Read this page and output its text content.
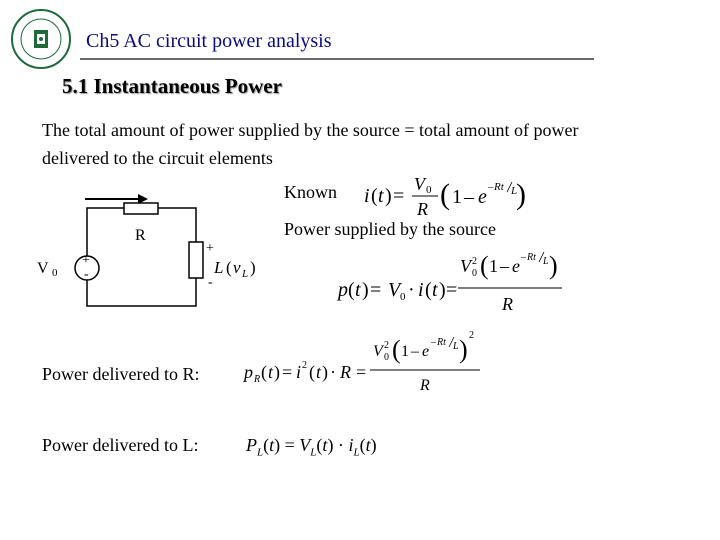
Ch5 AC circuit power analysis
5.1 Instantaneous Power
The total amount of power supplied by the source = total amount of power
delivered to the circuit elements
Known
Power supplied by the source
i ( t ) =
V 0
R ( 1 – e – Rt L
)
+
-
R
V 0
+
-
L ( v L )
p ( t ) = V 0 · i ( t ) =
V 0
2 ( 1 – e – Rt L )
R
Power delivered to R: p R ( t ) = i 2 ( t ) · R =
V 0
2 ( 1 – e
– Rt L ) 2
R
Power delivered to L:	$P_L(t) = V_L(t) \cdot i_L(t)$
